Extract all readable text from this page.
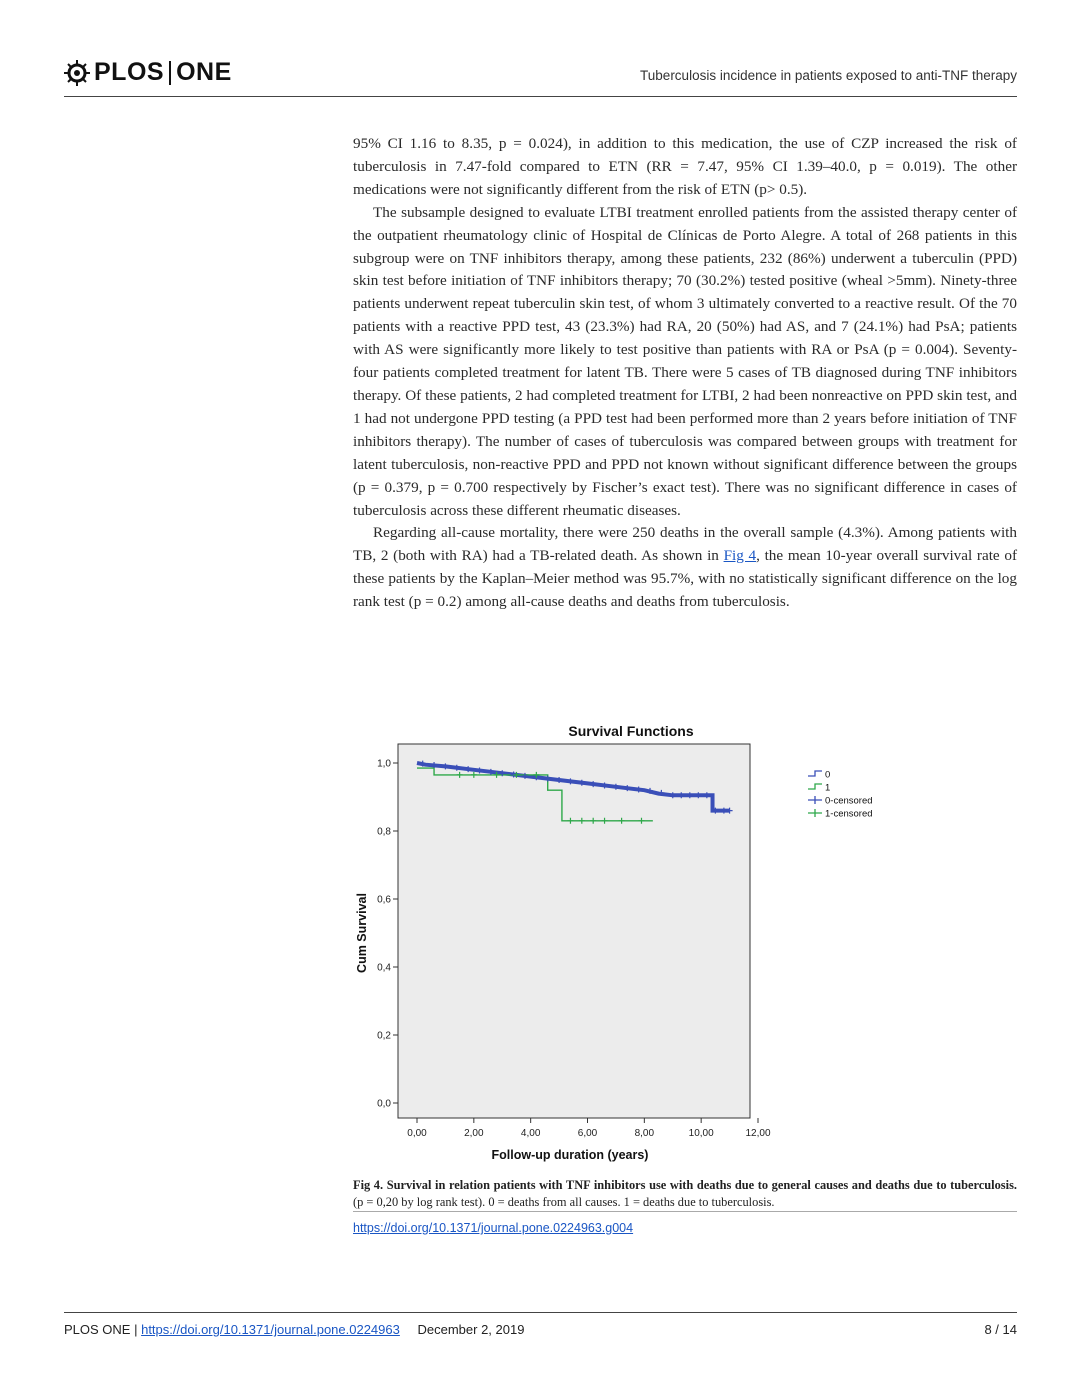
PLOS ONE	Tuberculosis incidence in patients exposed to anti-TNF therapy

95% CI 1.16 to 8.35, p = 0.024), in addition to this medication, the use of CZP increased the risk of tuberculosis in 7.47-fold compared to ETN (RR = 7.47, 95% CI 1.39–40.0, p = 0.019). The other medications were not significantly different from the risk of ETN (p> 0.5).

The subsample designed to evaluate LTBI treatment enrolled patients from the assisted therapy center of the outpatient rheumatology clinic of Hospital de Clínicas de Porto Alegre. A total of 268 patients in this subgroup were on TNF inhibitors therapy, among these patients, 232 (86%) underwent a tuberculin (PPD) skin test before initiation of TNF inhibitors therapy; 70 (30.2%) tested positive (wheal >5mm). Ninety-three patients underwent repeat tuberculin skin test, of whom 3 ultimately converted to a reactive result. Of the 70 patients with a reactive PPD test, 43 (23.3%) had RA, 20 (50%) had AS, and 7 (24.1%) had PsA; patients with AS were significantly more likely to test positive than patients with RA or PsA (p = 0.004). Seventy-four patients completed treatment for latent TB. There were 5 cases of TB diagnosed during TNF inhibitors therapy. Of these patients, 2 had completed treatment for LTBI, 2 had been nonreactive on PPD skin test, and 1 had not undergone PPD testing (a PPD test had been performed more than 2 years before initiation of TNF inhibitors therapy). The number of cases of tuberculosis was compared between groups with treatment for latent tuberculosis, non-reactive PPD and PPD not known without significant difference between the groups (p = 0.379, p = 0.700 respectively by Fischer’s exact test). There was no significant difference in cases of tuberculosis across these different rheumatic diseases.

Regarding all-cause mortality, there were 250 deaths in the overall sample (4.3%). Among patients with TB, 2 (both with RA) had a TB-related death. As shown in Fig 4, the mean 10-year overall survival rate of these patients by the Kaplan–Meier method was 95.7%, with no statistically significant difference on the log rank test (p = 0.2) among all-cause deaths and deaths from tuberculosis.

Survival Functions
Follow-up duration (years)
Cum Survival
0,00	2,00	4,00	6,00	8,00	10,00	12,00
0,0
0,2
0,4
0,6
0,8
1,0
0
1
0-censored
1-censored
Fig 4. Survival in relation patients with TNF inhibitors use with deaths due to general causes and deaths due to tuberculosis. (p = 0,20 by log rank test). 0 = deaths from all causes. 1 = deaths due to tuberculosis.
https://doi.org/10.1371/journal.pone.0224963.g004
PLOS ONE | https://doi.org/10.1371/journal.pone.0224963 December 2, 2019	8 / 14
